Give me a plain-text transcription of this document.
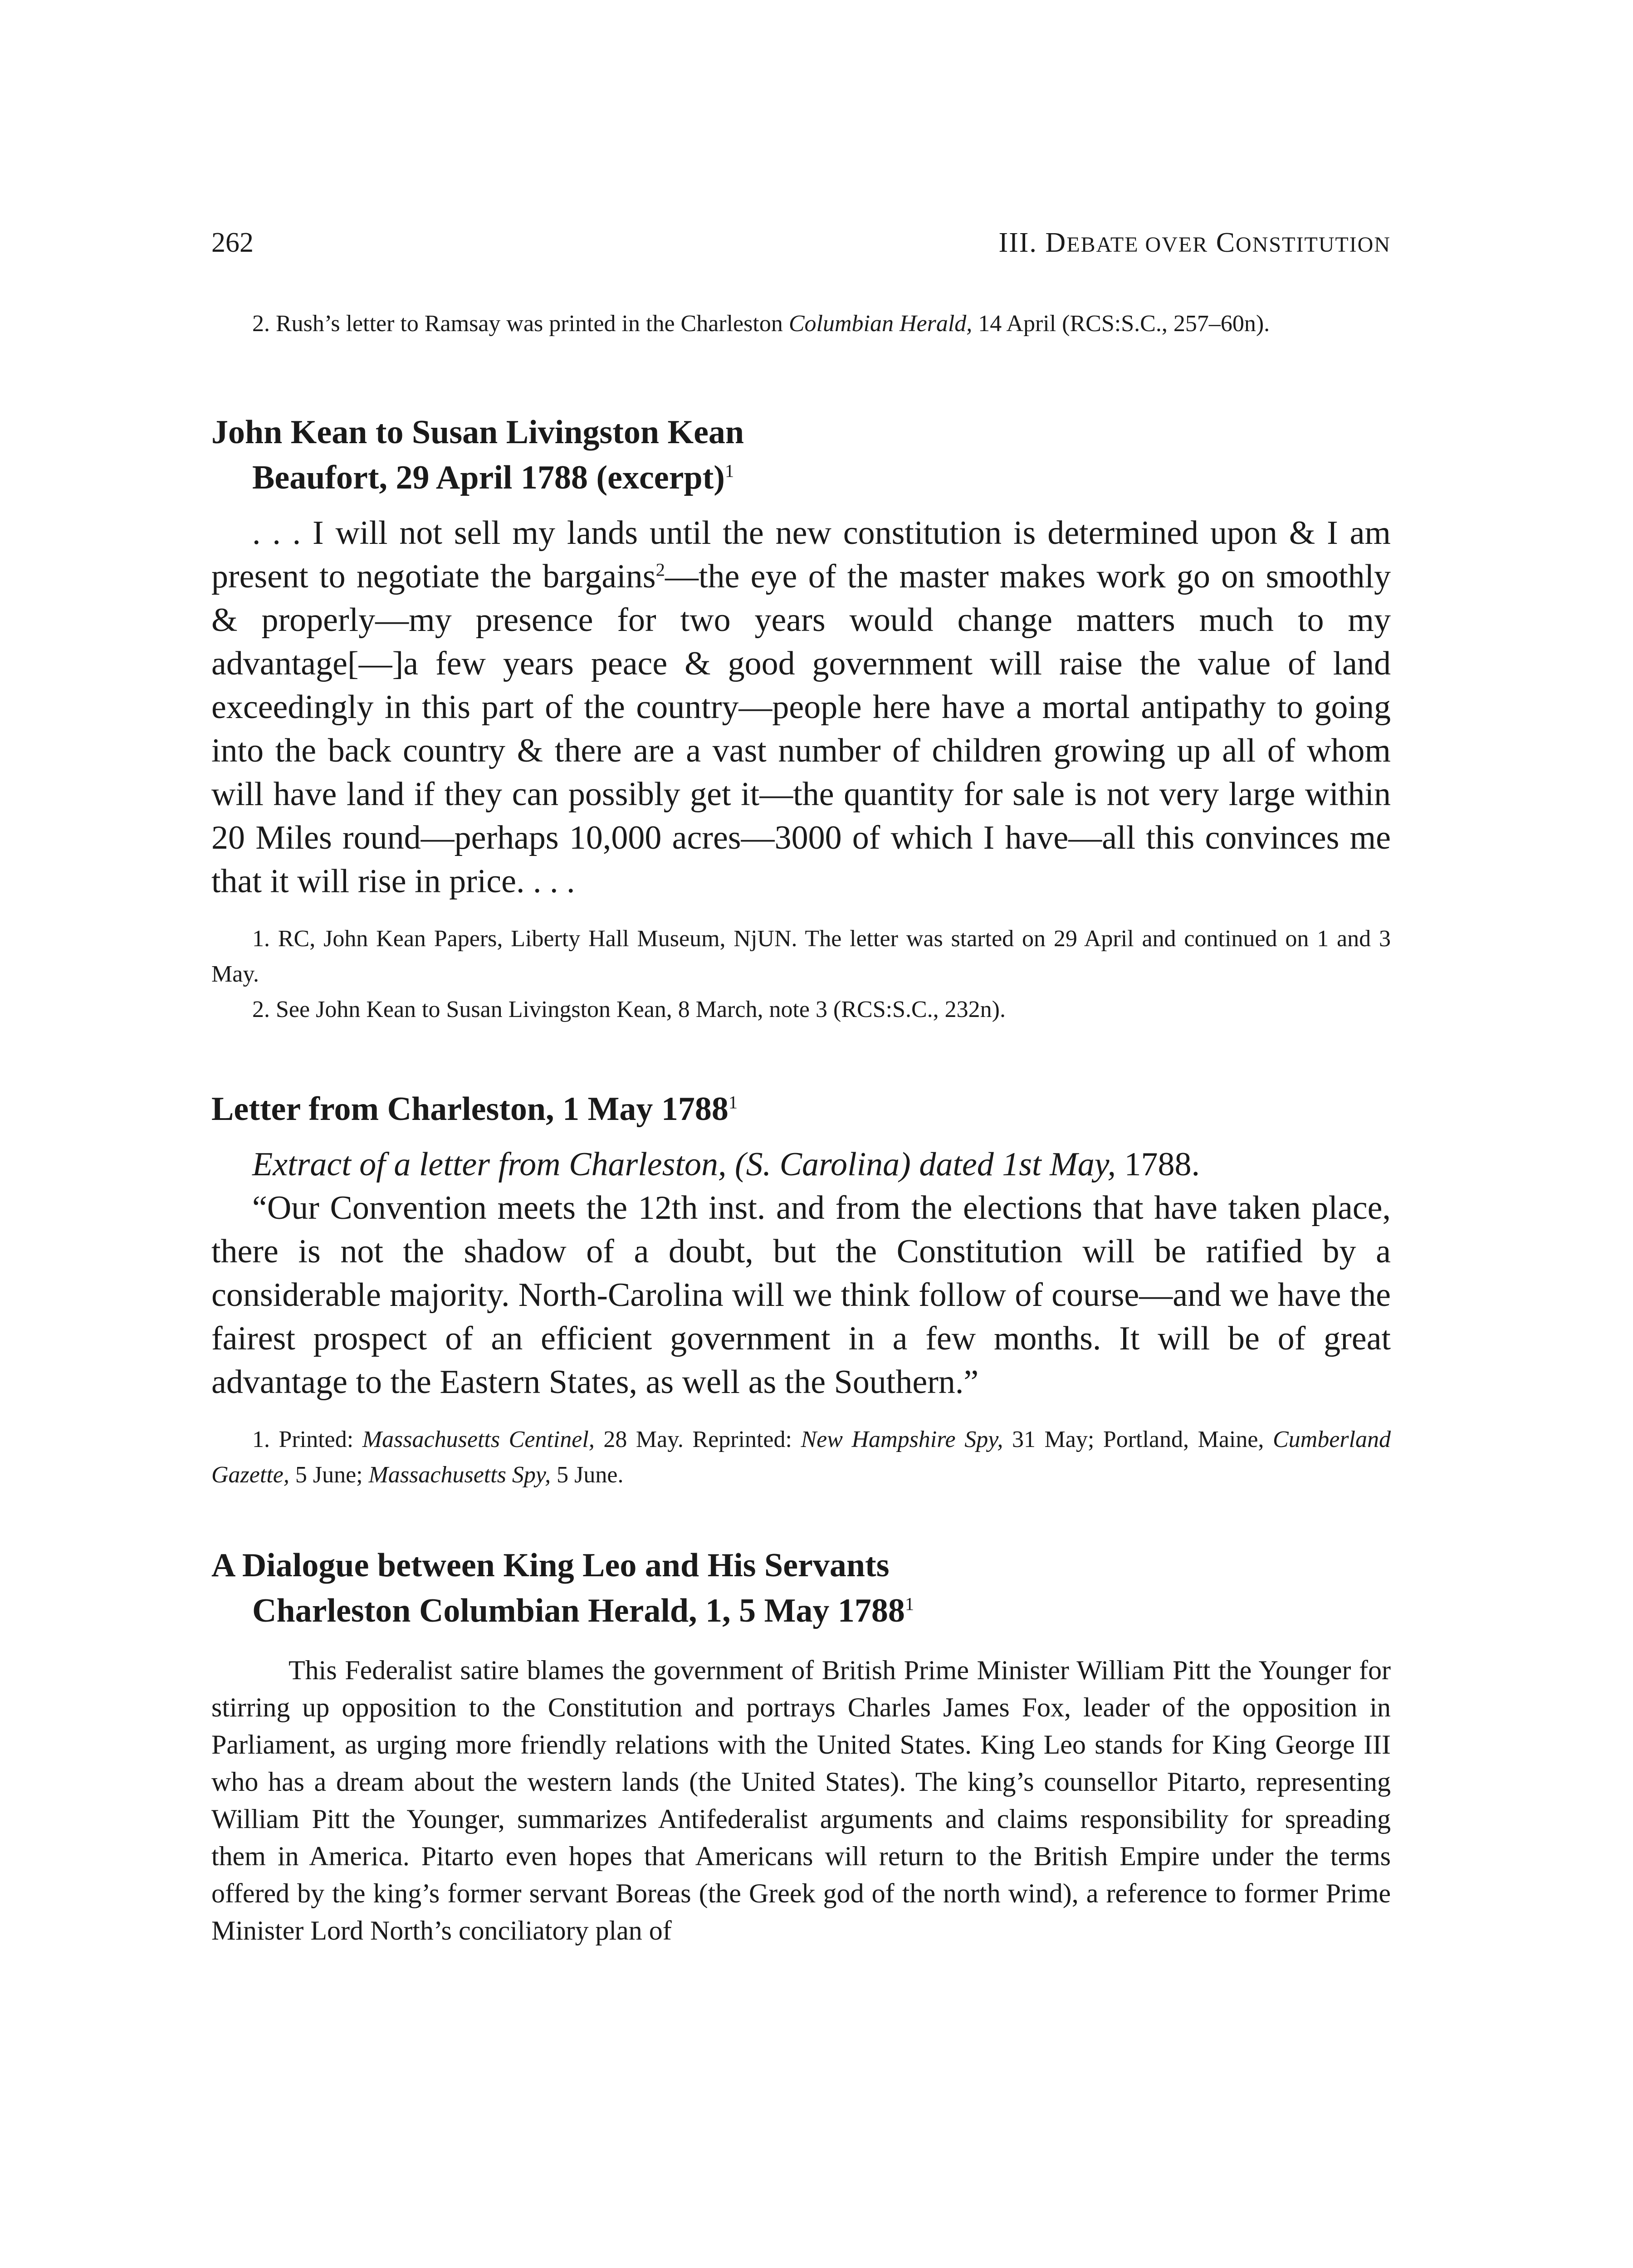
262	III. DEBATE OVER CONSTITUTION

2. Rush’s letter to Ramsay was printed in the Charleston Columbian Herald, 14 April (RCS:S.C., 257–60n).

John Kean to Susan Livingston Kean

Beaufort, 29 April 1788 (excerpt)$^1$

. . . I will not sell my lands until the new constitution is determined upon & I am present to negotiate the bargains$^2$—the eye of the master makes work go on smoothly & properly—my presence for two years would change matters much to my advantage[—]a few years peace & good government will raise the value of land exceedingly in this part of the country—people here have a mortal antipathy to going into the back country & there are a vast number of children growing up all of whom will have land if they can possibly get it—the quantity for sale is not very large within 20 Miles round—perhaps 10,000 acres—3000 of which I have—all this convinces me that it will rise in price. . . .

1. RC, John Kean Papers, Liberty Hall Museum, NjUN. The letter was started on 29 April and continued on 1 and 3 May.

2. See John Kean to Susan Livingston Kean, 8 March, note 3 (RCS:S.C., 232n).

Letter from Charleston, 1 May 1788$^1$

Extract of a letter from Charleston, (S. Carolina) dated 1st May, 1788.

“Our Convention meets the 12th inst. and from the elections that have taken place, there is not the shadow of a doubt, but the Constitution will be ratified by a considerable majority. North-Carolina will we think follow of course—and we have the fairest prospect of an efficient government in a few months. It will be of great advantage to the Eastern States, as well as the Southern.”

1. Printed: Massachusetts Centinel, 28 May. Reprinted: New Hampshire Spy, 31 May; Portland, Maine, Cumberland Gazette, 5 June; Massachusetts Spy, 5 June.

A Dialogue between King Leo and His Servants

Charleston Columbian Herald, 1, 5 May 1788$^1$

This Federalist satire blames the government of British Prime Minister William Pitt the Younger for stirring up opposition to the Constitution and portrays Charles James Fox, leader of the opposition in Parliament, as urging more friendly relations with the United States. King Leo stands for King George III who has a dream about the western lands (the United States). The king’s counsellor Pitarto, representing William Pitt the Younger, summarizes Antifederalist arguments and claims responsibility for spreading them in America. Pitarto even hopes that Americans will return to the British Empire under the terms offered by the king’s former servant Boreas (the Greek god of the north wind), a reference to former Prime Minister Lord North’s conciliatory plan of
